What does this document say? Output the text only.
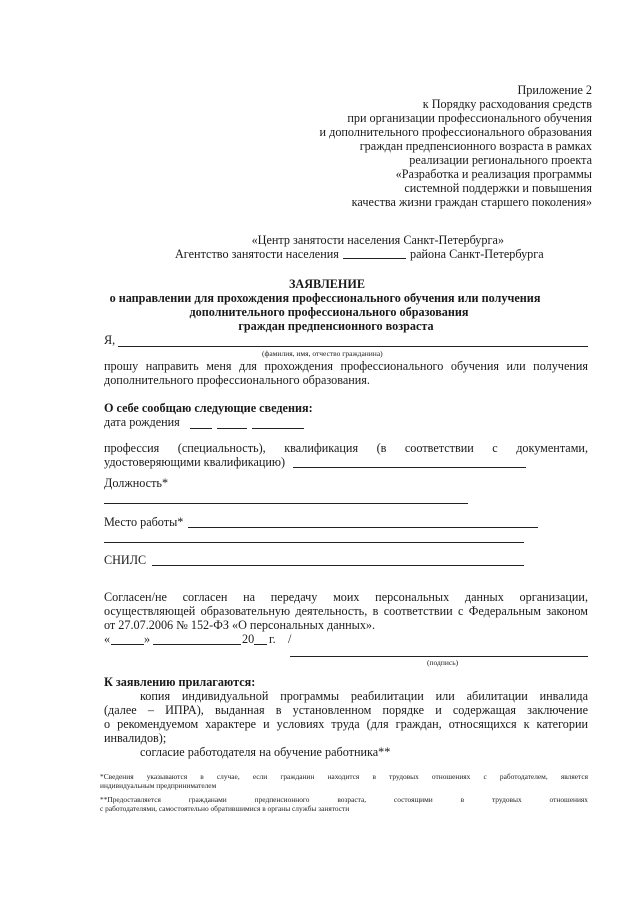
Приложение 2
к Порядку расходования средств
при организации профессионального обучения
и дополнительного профессионального образования
граждан предпенсионного возраста в рамках
реализации регионального проекта
«Разработка и реализация программы
системной поддержки и повышения
качества жизни граждан старшего поколения»
«Центр занятости населения Санкт-Петербурга»
Агентство занятости населения	района Санкт-Петербурга
ЗАЯВЛЕНИЕ
о направлении для прохождения профессионального обучения или получения
дополнительного профессионального образования
граждан предпенсионного возраста
Я,
(фамилия, имя, отчество гражданина)
прошу направить меня для прохождения профессионального обучения или получения
дополнительного профессионального образования.
О себе сообщаю следующие сведения:
дата рождения
профессия (специальность), квалификация (в соответствии с документами,
удостоверяющими квалификацию)
Должность*
Место работы*
СНИЛС
Согласен/не согласен на передачу моих персональных данных организации,
осуществляющей образовательную деятельность, в соответствии с Федеральным законом
от 27.07.2006 № 152-ФЗ «О персональных данных».
«	»	20 г. /
(подпись)
К заявлению прилагаются:
копия индивидуальной программы реабилитации или абилитации инвалида
(далее – ИПРА), выданная в установленном порядке и содержащая заключение
о рекомендуемом характере и условиях труда (для граждан, относящихся к категории
инвалидов);
согласие работодателя на обучение работника**
*Сведения указываются в случае, если гражданин находится в трудовых отношениях с работодателем, является
индивидуальным предпринимателем
**Предоставляется гражданами предпенсионного возраста, состоящими в трудовых отношениях
с работодателями, самостоятельно обратившимися в органы службы занятости
